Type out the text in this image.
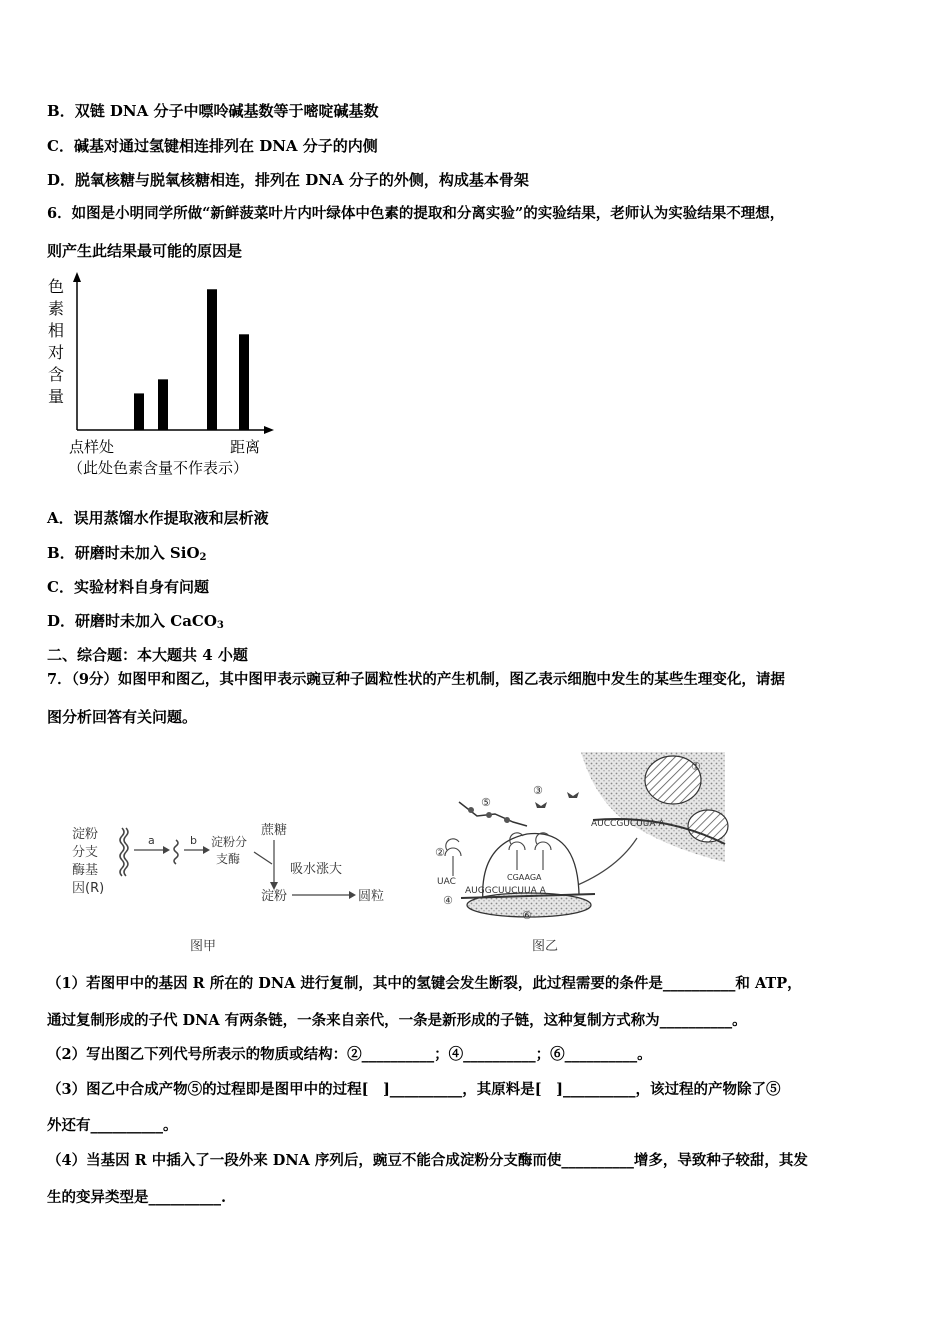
B．双链 DNA 分子中嘌呤碱基数等于嘧啶碱基数
C．碱基对通过氢键相连排列在 DNA 分子的内侧
D．脱氧核糖与脱氧核糖相连，排列在 DNA 分子的外侧，构成基本骨架
6．如图是小明同学所做“新鲜菠菜叶片内叶绿体中色素的提取和分离实验”的实验结果，老师认为实验结果不理想，
则产生此结果最可能的原因是
色
素
相
对
含
量
点样处	距离
（此处色素含量不作表示）
A．误用蒸馏水作提取液和层析液
B．研磨时未加入 SiO$_2$
C．实验材料自身有问题
D．研磨时未加入 CaCO$_3$
二、综合题：本大题共 4 小题
7．（9分）如图甲和图乙，其中图甲表示豌豆种子圆粒性状的产生机制，图乙表示细胞中发生的某些生理变化，请据
图分析回答有关问题。
淀粉
分支
酶基
因(R)
a	b 淀粉分
支酶
蔗糖
吸水涨大
淀粉	圆粒
图甲
①
AUCCGUCUUA A
⑥
AUGGCUUCUUA A
④
②
UAC	CGAAGA
⑤
③
图乙
（1）若图甲中的基因 R 所在的 DNA 进行复制，其中的氢键会发生断裂，此过程需要的条件是__________和 ATP，
通过复制形成的子代 DNA 有两条链，一条来自亲代，一条是新形成的子链，这种复制方式称为__________。
（2）写出图乙下列代号所表示的物质或结构：②__________；④__________；⑥__________。
（3）图乙中合成产物⑤的过程即是图甲中的过程[　]__________，其原料是[　]__________，该过程的产物除了⑤
外还有__________。
（4）当基因 R 中插入了一段外来 DNA 序列后，豌豆不能合成淀粉分支酶而使__________增多，导致种子较甜，其发
生的变异类型是__________.
